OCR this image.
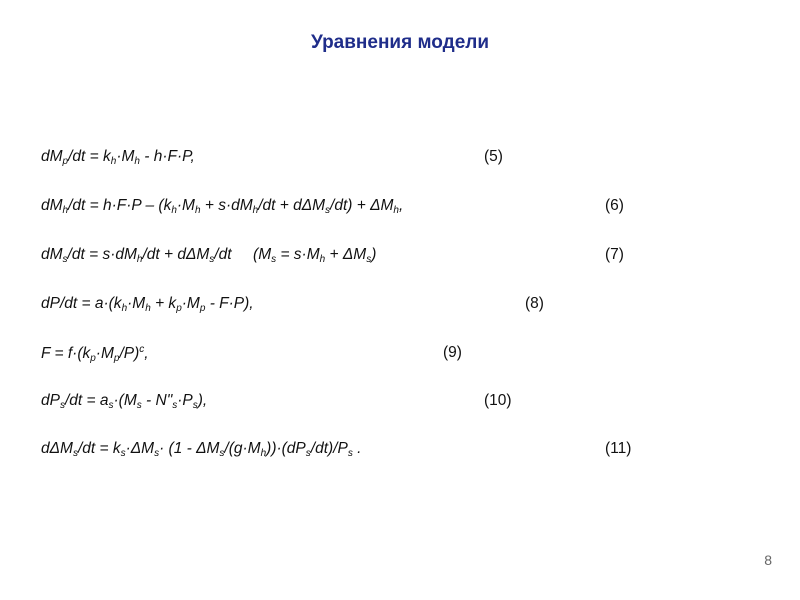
Уравнения модели
$dM_p/dt = k_h\cdot M_h - h\cdot F\cdot P$,	(5)
$dM_h/dt = h\cdot F\cdot P - (k_h\cdot M_h + s\cdot dM_h/dt + d\Delta M_s/dt) + \Delta M_h$,	(6)
$dM_s/dt = s\cdot dM_h/dt + d\Delta M_s/dt$     $(M_s = s\cdot M_h + \Delta M_s)$	(7)
$dP/dt = a\cdot(k_h\cdot M_h + k_p\cdot M_p - F\cdot P)$,	(8)
$F = f\cdot(k_p\cdot M_p/P)^c$,	(9)
$dP_s/dt = a_s\cdot(M_s$ - $N"_s\cdot P_s$),	(10)
$d\Delta M_s/dt = k_s\cdot\Delta M_s\cdot (1 - \Delta M_s/(g\cdot M_h))\cdot(dP_s/dt)/P_s$ .	(11)
8
